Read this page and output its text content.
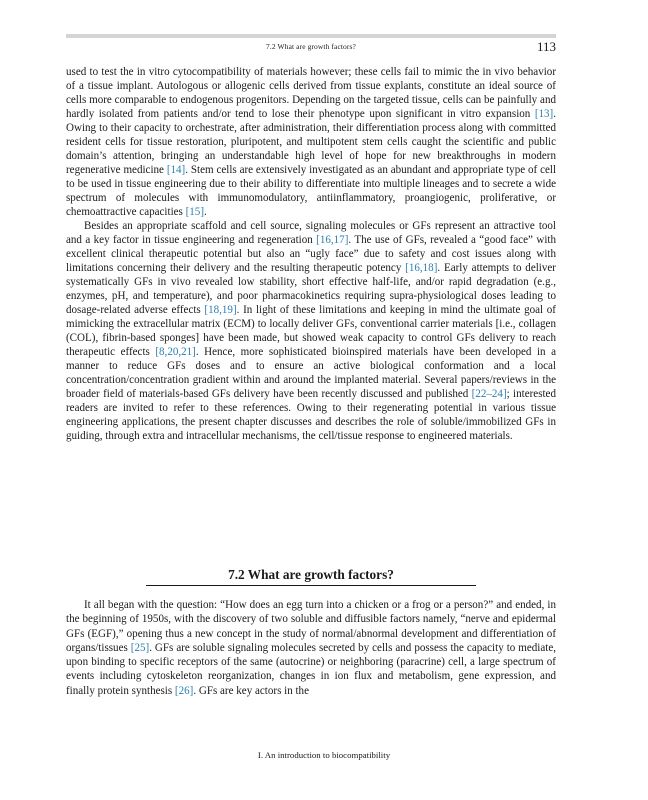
7.2 What are growth factors?	113

used to test the in vitro cytocompatibility of materials however; these cells fail to mimic the in vivo behavior of a tissue implant. Autologous or allogenic cells derived from tissue explants, constitute an ideal source of cells more comparable to endogenous progenitors. Depending on the targeted tissue, cells can be painfully and hardly isolated from patients and/or tend to lose their phenotype upon significant in vitro expansion [13]. Owing to their capacity to orchestrate, after administration, their differentiation process along with committed resident cells for tissue restoration, pluripotent, and multipotent stem cells caught the scientific and public domain’s attention, bringing an understandable high level of hope for new breakthroughs in modern regenerative medicine [14]. Stem cells are extensively investigated as an abundant and appropriate type of cell to be used in tissue engineering due to their ability to differentiate into multiple lineages and to secrete a wide spectrum of molecules with immunomodulatory, antiinflammatory, proangiogenic, proliferative, or chemoattractive capacities [15].

Besides an appropriate scaffold and cell source, signaling molecules or GFs represent an attractive tool and a key factor in tissue engineering and regeneration [16,17]. The use of GFs, revealed a “good face” with excellent clinical therapeutic potential but also an “ugly face” due to safety and cost issues along with limitations concerning their delivery and the resulting therapeutic potency [16,18]. Early attempts to deliver systematically GFs in vivo revealed low stability, short effective half-life, and/or rapid degradation (e.g., enzymes, pH, and temperature), and poor pharmacokinetics requiring supra-physiological doses leading to dosage-related adverse effects [18,19]. In light of these limitations and keeping in mind the ultimate goal of mimicking the extracellular matrix (ECM) to locally deliver GFs, conventional carrier materials [i.e., collagen (COL), fibrin-based sponges] have been made, but showed weak capacity to control GFs delivery to reach therapeutic effects [8,20,21]. Hence, more sophisticated bioinspired materials have been developed in a manner to reduce GFs doses and to ensure an active biological conformation and a local concentration/concentration gradient within and around the implanted material. Several papers/reviews in the broader field of materials-based GFs delivery have been recently discussed and published [22–24]; interested readers are invited to refer to these references. Owing to their regenerating potential in various tissue engineering applications, the present chapter discusses and describes the role of soluble/immobilized GFs in guiding, through extra and intracellular mechanisms, the cell/tissue response to engineered materials.

7.2 What are growth factors?

It all began with the question: “How does an egg turn into a chicken or a frog or a person?” and ended, in the beginning of 1950s, with the discovery of two soluble and diffusible factors namely, “nerve and epidermal GFs (EGF),” opening thus a new concept in the study of normal/abnormal development and differentiation of organs/tissues [25]. GFs are soluble signaling molecules secreted by cells and possess the capacity to mediate, upon binding to specific receptors of the same (autocrine) or neighboring (paracrine) cell, a large spectrum of events including cytoskeleton reorganization, changes in ion flux and metabolism, gene expression, and finally protein synthesis [26]. GFs are key actors in the

I. An introduction to biocompatibility
